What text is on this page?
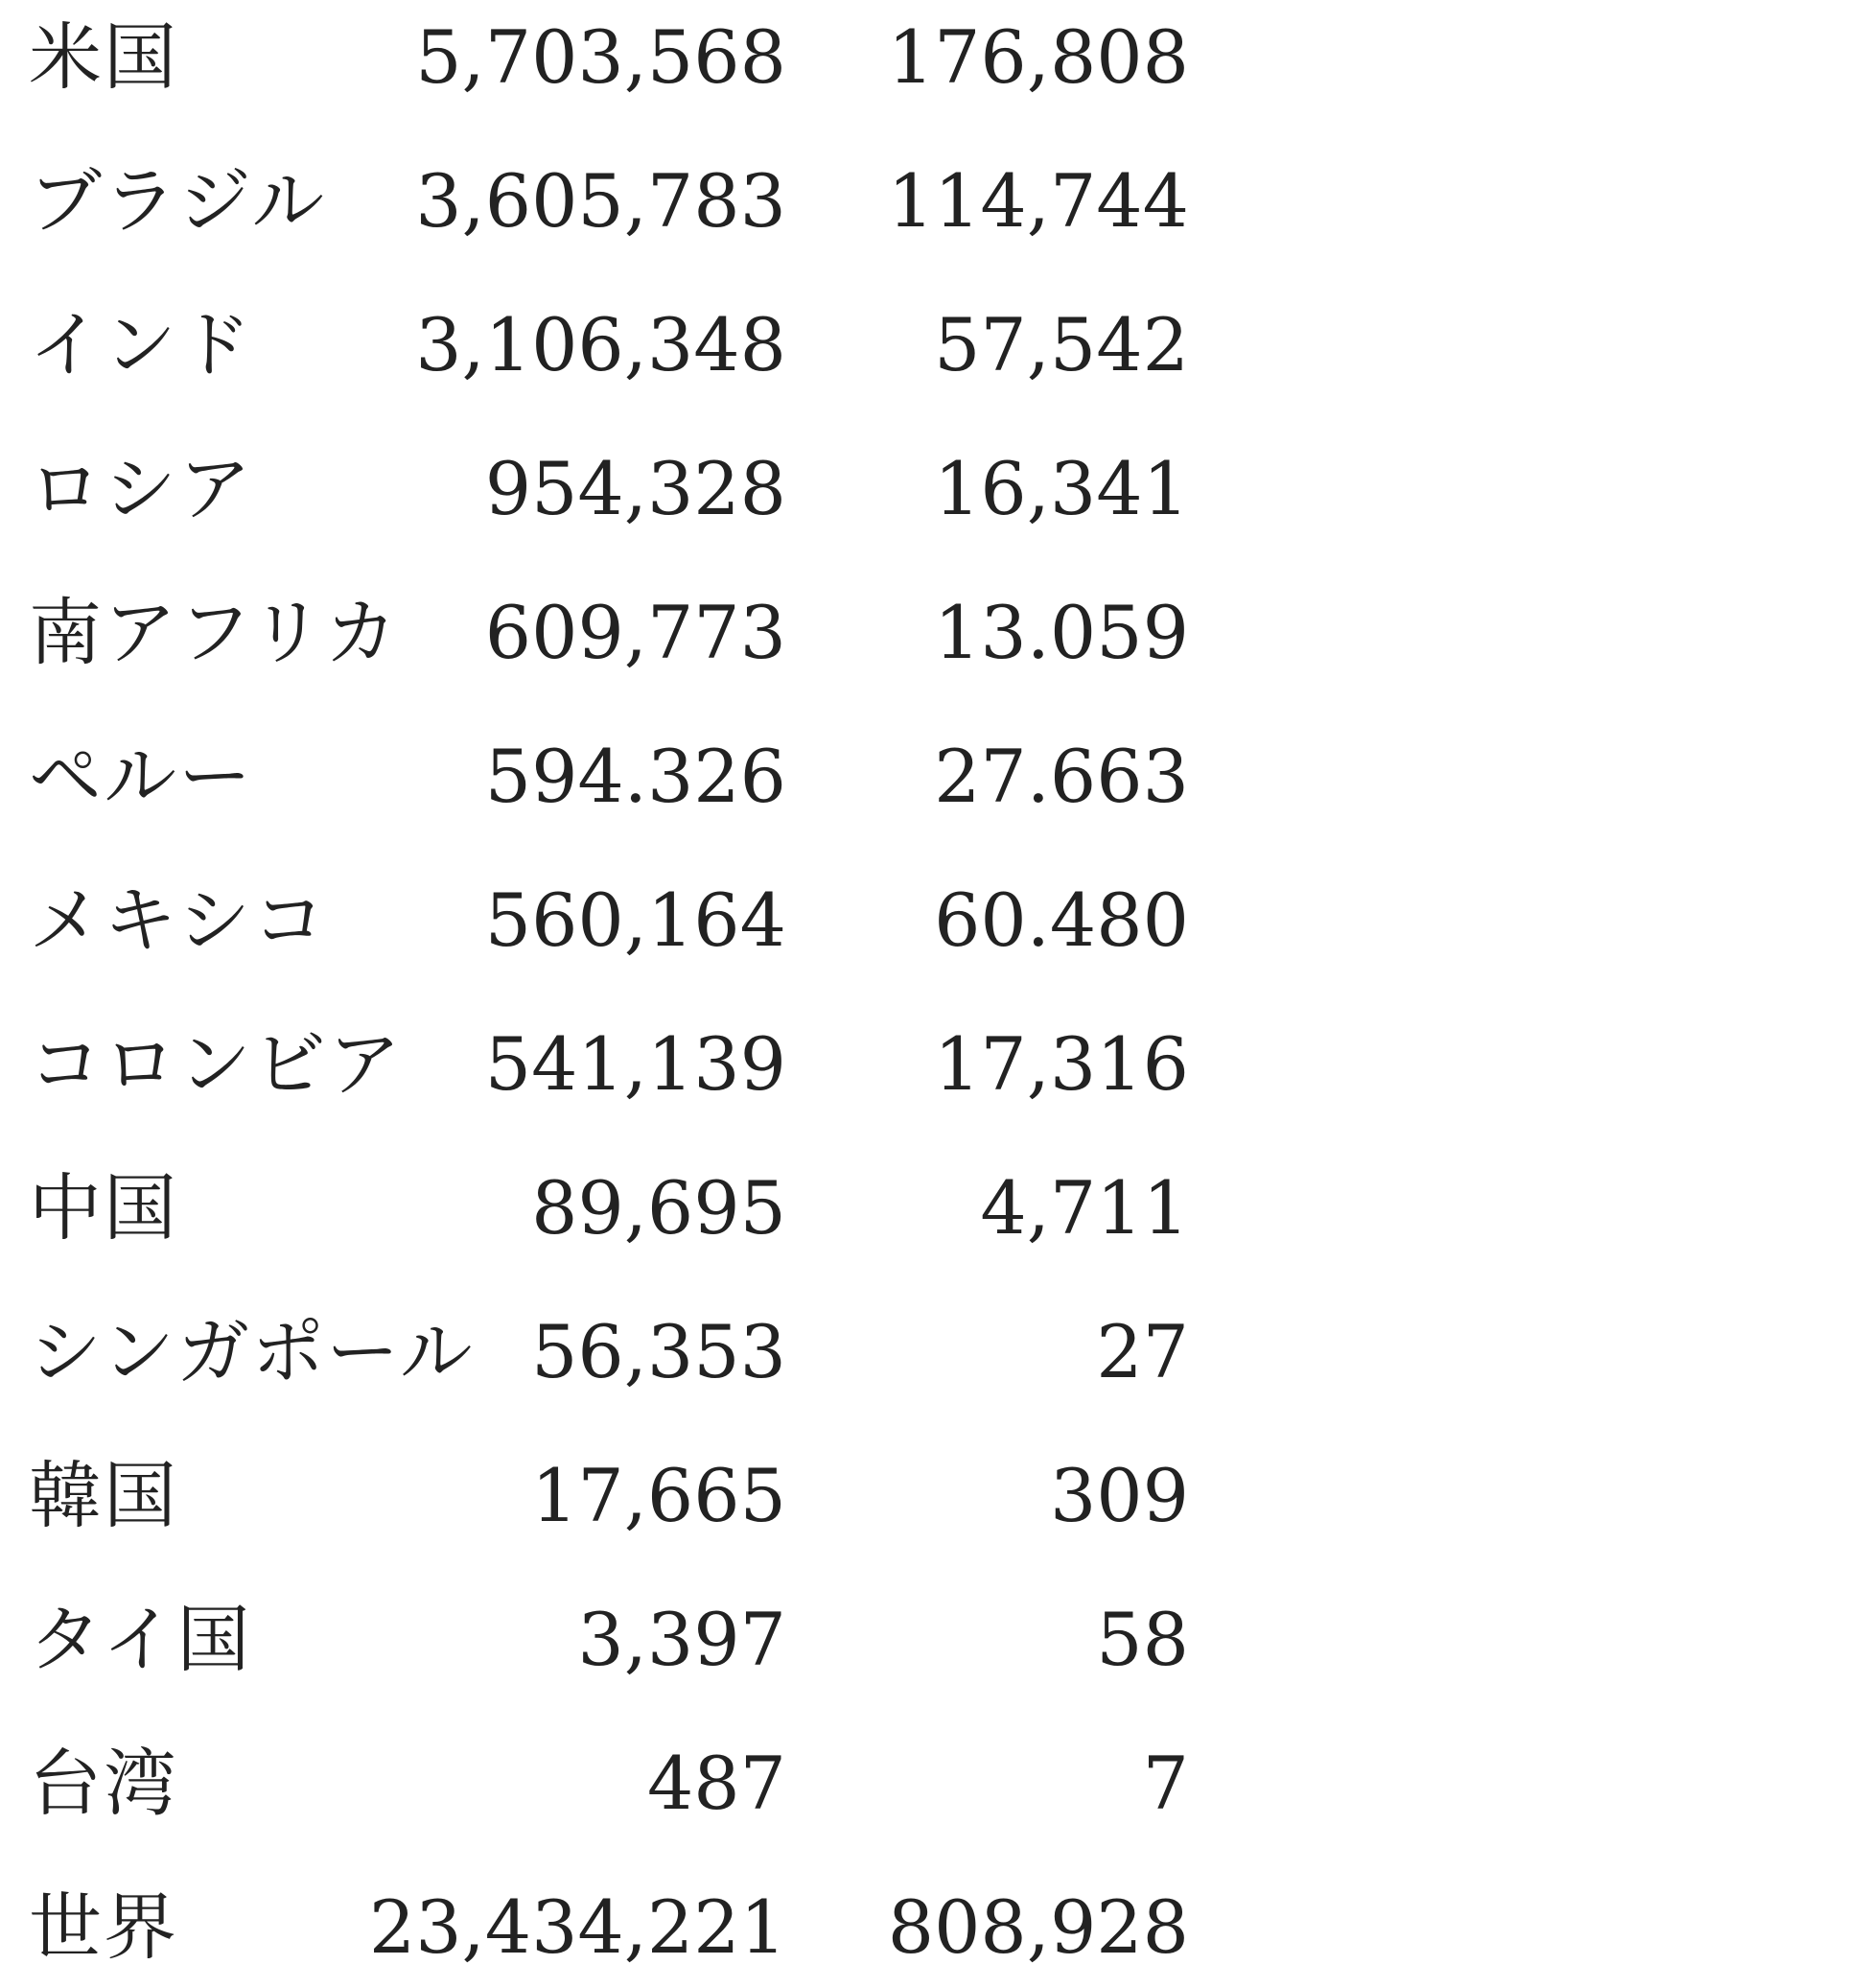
米国	5,703,568	176,808
ブラジル	3,605,783	114,744
インド	3,106,348	57,542
ロシア	954,328	16,341
南アフリカ	609,773	13.059
ペルー	594.326	27.663
メキシコ	560,164	60.480
コロンビア	541,139	17,316
中国	89,695	4,711
シンガポール 56,353	27
韓国	17,665	309
タイ国	3,397	58
台湾	487	7
世界	23,434,221	808,928
